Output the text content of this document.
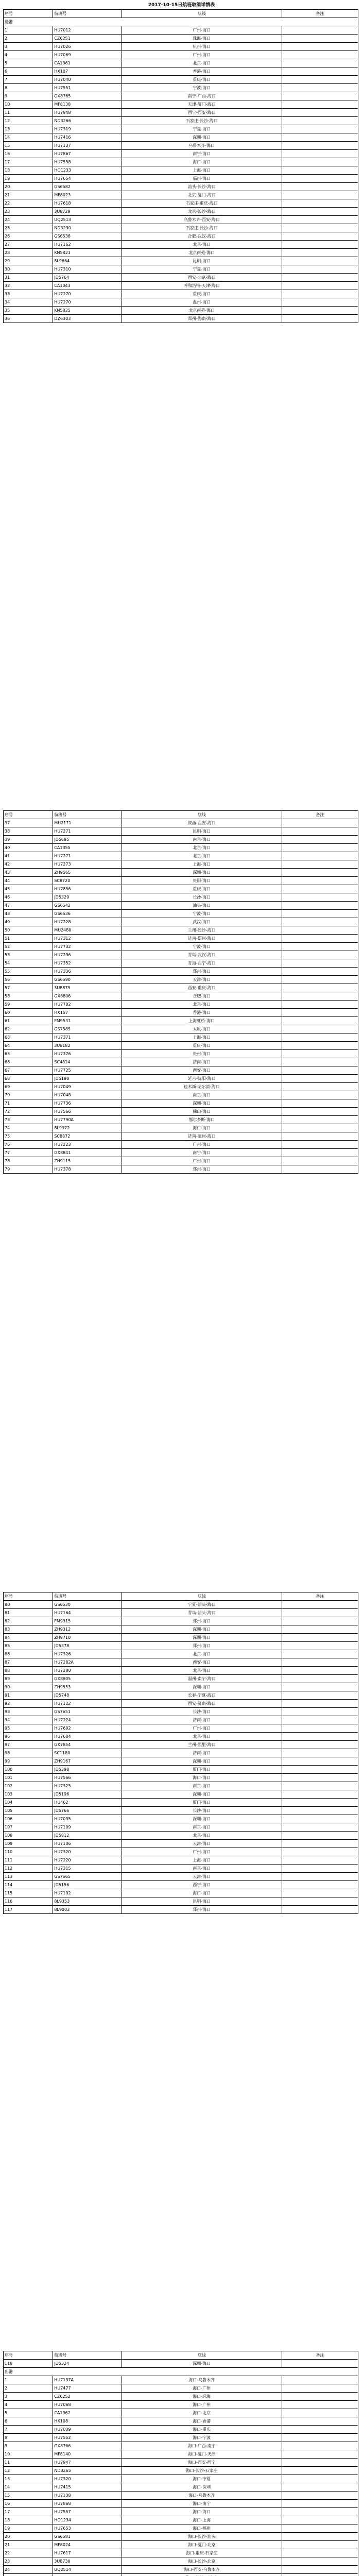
2017-10-15日航班取消详情表
序号	航班号	航线	备注
进港			
1	HU7012	广州-海口	
2	CZ6251	珠海-海口	
3	HU7026	杭州-海口	
4	HU7069	广州-海口	
5	CA1361	北京-海口	
6	HX107	香港-海口	
7	HU7040	重庆-海口	
8	HU7551	宁波-海口	
9	GX8765	南宁-广西-海口	
10	MF8138	天津-厦门-海口	
11	HU7948	西宁-西安-海口	
12	ND3266	石家庄-长沙-海口	
13	HU7319	宁夏-海口	
14	HU7416	深圳-海口	
15	HU7137	乌鲁木齐-海口	
16	HU7867	南宁-海口	
17	HU7558	海口-海口	
18	HO1233	上海-海口	
19	HU7654	福州-海口	
20	GS6582	汕头-长沙-海口	
21	MF8023	北京-厦门-海口	
22	HU7618	石家庄-重庆-海口	
23	3U8729	北京-长沙-海口	
24	UQ2513	乌鲁木齐-西安-海口	
25	ND3230	石家庄-长沙-海口	
26	GS6538	合肥-武汉-海口	
27	HU7162	北京-海口	
28	KN5821	北京南苑-海口	
29	8L9664	昆明-海口	
30	HU7310	宁夏-海口	
31	JD5764	西安-北京-海口	
32	CA1043	呼和浩特-天津-海口	
33	HU7270	重庆-海口	
34	HU7270	温州-海口	
35	KN5825	北京南苑-海口	
36	DZ6303	郑州-海南-海口	
序号	航班号	航线	备注
37	MU2171	陕西-西安-海口	
38	HU7271	昆明-海口	
39	JD5695	南京-海口	
40	CA1355	北京-海口	
41	HU7271	北京-海口	
42	HU7273	上海-海口	
43	ZH9565	深圳-海口	
44	SC8720	贵阳-海口	
45	HU7856	重庆-海口	
46	JD5329	长沙-海口	
47	GS6542	汕头-海口	
48	GS6536	宁波-海口	
49	HU7228	武汉-海口	
50	MU2480	兰州-长沙-海口	
51	HU7312	济南-郑州-海口	
52	HU7732	宁波-海口	
53	HU7236	青岛-武汉-海口	
54	HU7352	青海-西宁-海口	
55	HU7336	郑州-海口	
56	GS6590	天津-海口	
57	3U8879	西安-重庆-海口	
58	GX8806	合肥-海口	
59	HU7702	北京-海口	
60	HX157	香港-海口	
61	FM9531	上海虹桥-海口	
62	GS7585	太原-海口	
63	HU7371	上海-海口	
64	3U8182	重庆-海口	
65	HU7376	贵州-海口	
66	SC4814	济南-海口	
67	HU7725	西安-海口	
68	JD5190	延吉-沈阳-海口	
69	HU7049	佳木斯-哈尔滨-海口	
70	HU7048	南京-海口	
71	HU7736	深圳-海口	
72	HU7566	佛山-海口	
73	HU7790A	鄂尔多斯-海口	
74	8L9972	海口-海口	
75	SC8872	济南-温州-海口	
76	HU7223	广州-海口	
77	GX8841	南宁-海口	
78	ZH9115	广州-海口	
79	HU7378	郑州-海口	
序号	航班号	航线	备注
80	GS6530	宁夏-汕头-海口	
81	HU7164	青岛-汕头-海口	
82	FM9315	郑州-海口	
83	ZH9312	深圳-海口	
84	ZH9710	深圳-海口	
85	JD5378	郑州-海口	
86	HU7326	北京-海口	
87	HU7282A	西安-海口	
88	HU7280	北京-海口	
89	GX8805	温州-南宁-海口	
90	ZH9553	深圳-海口	
91	JD5748	长春-宁夏-海口	
92	HU7122	西安-济南-海口	
93	GS7651	长沙-海口	
94	HU7224	济南-海口	
95	HU7602	广州-海口	
96	HU7604	北京-海口	
97	GX7854	兰州-凯里-海口	
98	SC1180	济南-海口	
99	ZH9167	深圳-海口	
100	JD5398	厦门-海口	
101	HU7566	海口-海口	
102	HU7325	南京-海口	
103	JD5196	深圳-海口	
104	HU462	厦门-海口	
105	JD5766	长沙-海口	
106	HU7035	深圳-海口	
107	HU7109	南京-海口	
108	JD5812	北京-海口	
109	HU7106	天津-海口	
110	HU7320	广州-海口	
111	HU7220	上海-海口	
112	HU7315	南京-海口	
113	GS7665	天津-海口	
114	JD5156	西宁-海口	
115	HU7192	海口-海口	
116	8L9353	昆明-海口	
117	8L9003	郑州-海口	
序号	航班号	航线	备注
118	JD5324	深圳-海口	
出港			
1	HU7137A	海口-乌鲁木齐	
2	HU7477	海口-广州	
3	CZ6252	海口-珠海	
4	HU7068	海口-广州	
5	CA1362	海口-北京	
6	HX108	海口-香港	
7	HU7039	海口-重庆	
8	HU7552	海口-宁波	
9	GX8766	海口-广西-南宁	
10	MF8140	海口-厦门-天津	
11	HU7947	海口-西安-西宁	
12	ND3265	海口-长沙-石家庄	
13	HU7320	海口-宁夏	
14	HU7415	海口-深圳	
15	HU7138	海口-乌鲁木齐	
16	HU7868	海口-南宁	
17	HU7557	海口-海口	
18	HO1234	海口-上海	
19	HU7653	海口-福州	
20	GS6581	海口-长沙-汕头	
21	MF8024	海口-厦门-北京	
22	HU7617	海口-重庆-石家庄	
23	3U8730	海口-长沙-北京	
24	UQ2514	海口-西安-乌鲁木齐	
